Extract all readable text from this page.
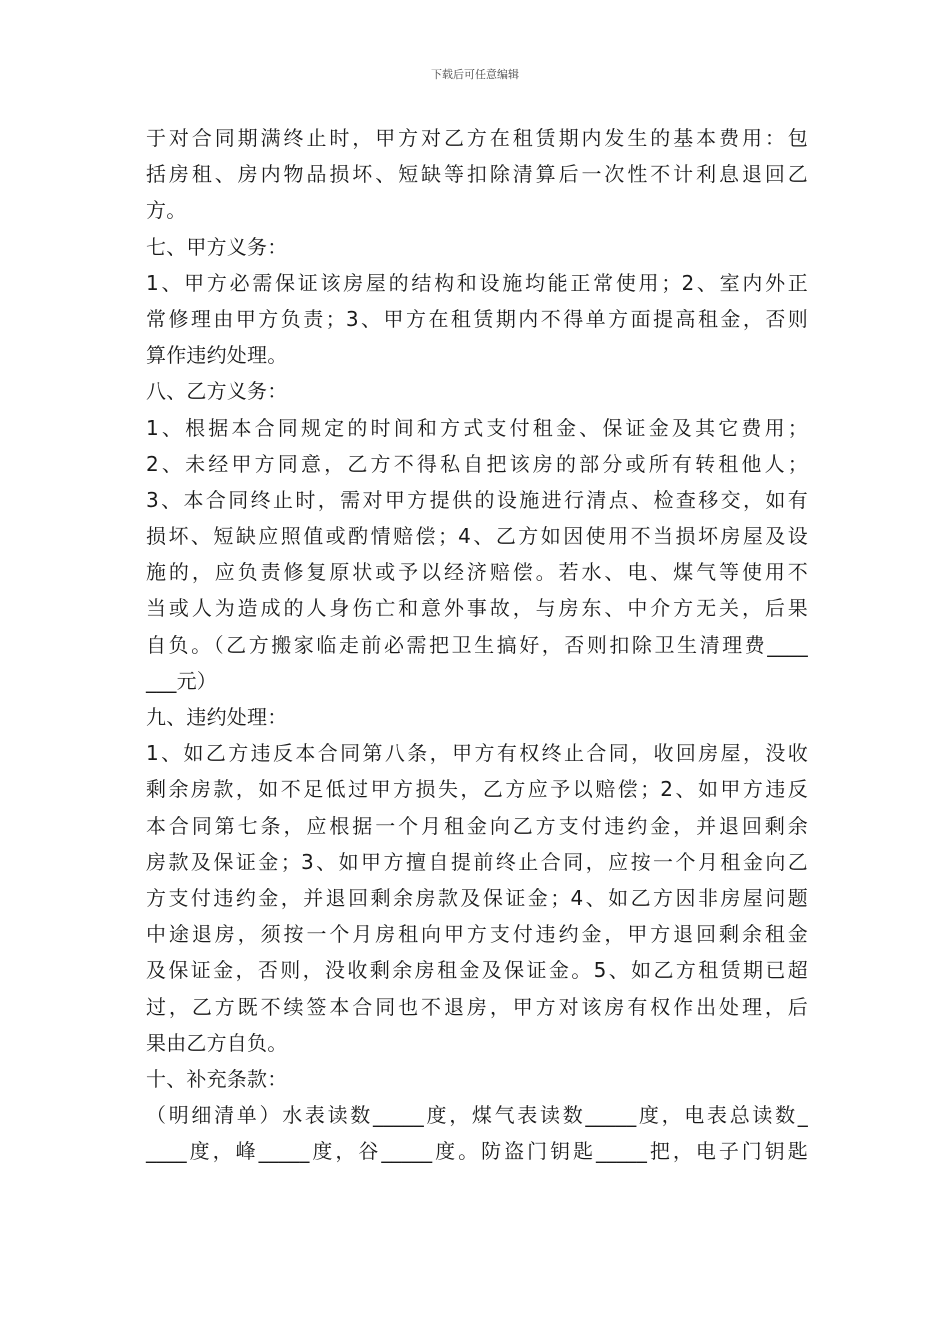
下载后可任意编辑
于对合同期满终止时，甲方对乙方在租赁期内发生的基本费用：包
括房租、房内物品损坏、短缺等扣除清算后一次性不计利息退回乙
方。
七、甲方义务：
1、甲方必需保证该房屋的结构和设施均能正常使用；2、室内外正
常修理由甲方负责；3、甲方在租赁期内不得单方面提高租金，否则
算作违约处理。
八、乙方义务：
1、根据本合同规定的时间和方式支付租金、保证金及其它费用；
2、未经甲方同意，乙方不得私自把该房的部分或所有转租他人；
3、本合同终止时，需对甲方提供的设施进行清点、检查移交，如有
损坏、短缺应照值或酌情赔偿；4、乙方如因使用不当损坏房屋及设
施的，应负责修复原状或予以经济赔偿。若水、电、煤气等使用不
当或人为造成的人身伤亡和意外事故，与房东、中介方无关，后果
自负。（乙方搬家临走前必需把卫生搞好，否则扣除卫生清理费____
___元）
九、违约处理：
1、如乙方违反本合同第八条，甲方有权终止合同，收回房屋，没收
剩余房款，如不足低过甲方损失，乙方应予以赔偿；2、如甲方违反
本合同第七条，应根据一个月租金向乙方支付违约金，并退回剩余
房款及保证金；3、如甲方擅自提前终止合同，应按一个月租金向乙
方支付违约金，并退回剩余房款及保证金；4、如乙方因非房屋问题
中途退房，须按一个月房租向甲方支付违约金，甲方退回剩余租金
及保证金，否则，没收剩余房租金及保证金。5、如乙方租赁期已超
过，乙方既不续签本合同也不退房，甲方对该房有权作出处理，后
果由乙方自负。
十、补充条款：
（明细清单）水表读数_____度，煤气表读数_____度，电表总读数_
____度，峰_____度，谷_____度。防盗门钥匙_____把，电子门钥匙
